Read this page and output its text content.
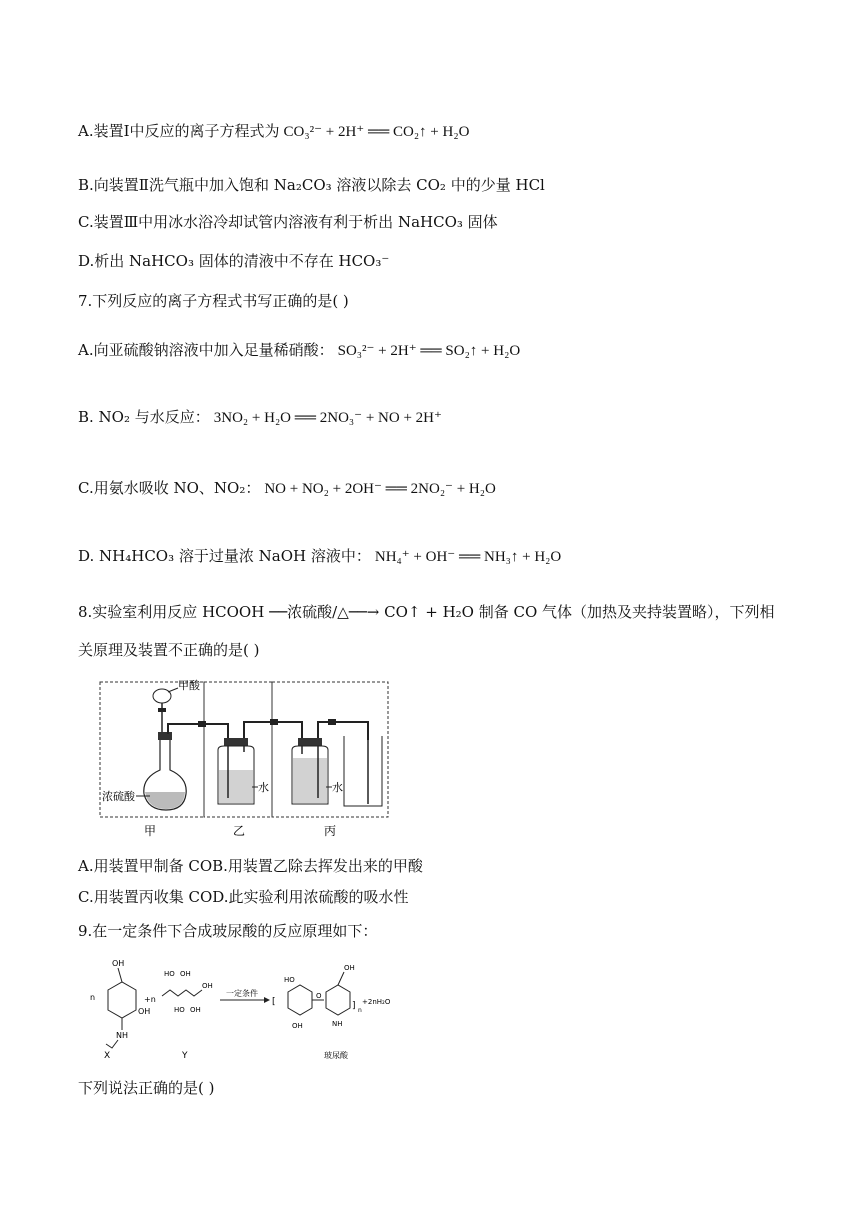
A.装置Ⅰ中反应的离子方程式为 CO₃²⁻ + 2H⁺ ══ CO₂↑ + H₂O
B.向装置Ⅱ洗气瓶中加入饱和 Na₂CO₃ 溶液以除去 CO₂ 中的少量 HCl
C.装置Ⅲ中用冰水浴冷却试管内溶液有利于析出 NaHCO₃ 固体
D.析出 NaHCO₃ 固体的清液中不存在 HCO₃⁻
7.下列反应的离子方程式书写正确的是( )
A.向亚硫酸钠溶液中加入足量稀硝酸： SO₃²⁻ + 2H⁺ ══ SO₂↑ + H₂O
B. NO₂ 与水反应： 3NO₂ + H₂O ══ 2NO₃⁻ + NO + 2H⁺
C.用氨水吸收 NO、NO₂： NO + NO₂ + 2OH⁻ ══ 2NO₂⁻ + H₂O
D. NH₄HCO₃ 溶于过量浓 NaOH 溶液中： NH₄⁺ + OH⁻ ══ NH₃↑ + H₂O
8.实验室利用反应 HCOOH ──浓硫酸/△──→ CO↑ + H₂O 制备 CO 气体（加热及夹持装置略），下列相
关原理及装置不正确的是( )
甲酸
浓硫酸
水	水
甲	乙	丙
A.用装置甲制备 COB.用装置乙除去挥发出来的甲酸
C.用装置丙收集 COD.此实验利用浓硫酸的吸水性
9.在一定条件下合成玻尿酸的反应原理如下：
OH
NH
X
n
OH
+n
HO OH
HO OH
OH
Y
一定条件
[
HO
OH
O
OH
NH
] n
+2nH₂O
玻尿酸
下列说法正确的是( )
